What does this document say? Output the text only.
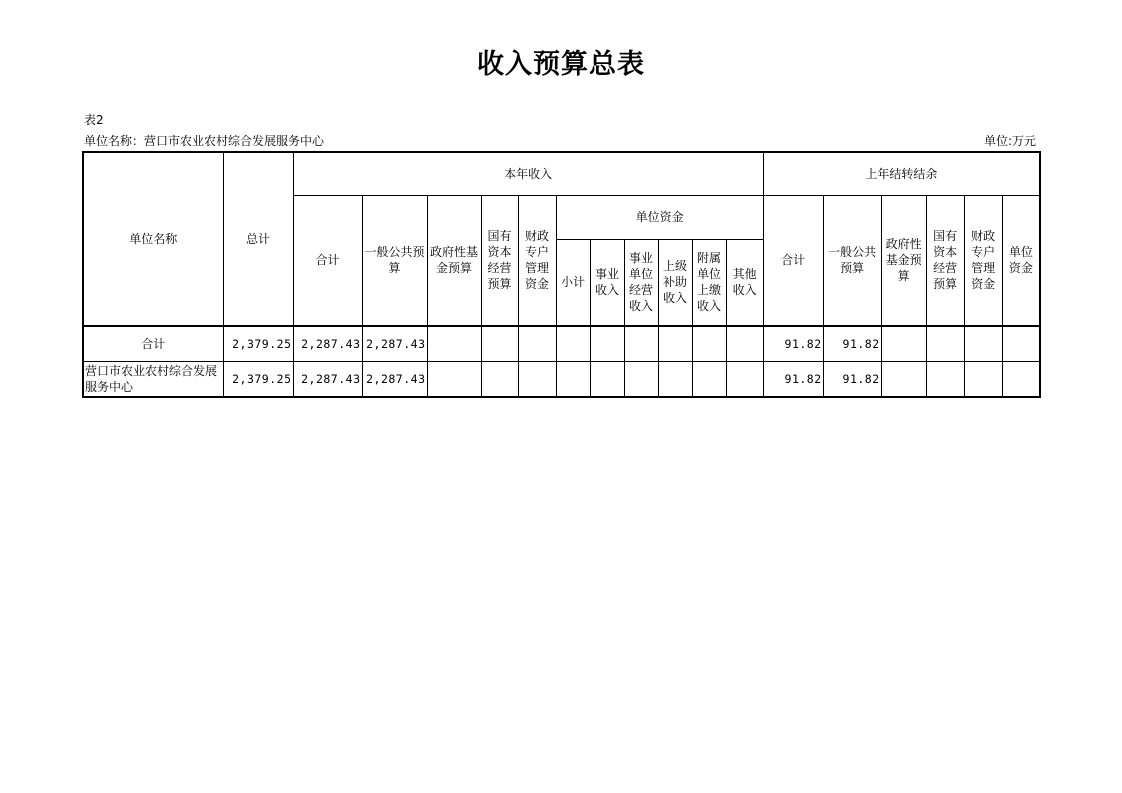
收入预算总表
表2
单位名称：营口市农业农村综合发展服务中心	单位:万元
单位名称	总计	本年收入											上年结转结余					
		合计	一般公共预算	政府性基金预算	国有资本经营预算	财政专户管理资金	单位资金						合计	一般公共预算	政府性基金预算	国有资本经营预算	财政专户管理资金	单位资金
							小计	事业收入	事业单位经营收入	上级补助收入	附属单位上缴收入	其他收入						
合计	2,379.25	2,287.43	2,287.43										91.82	91.82				
营口市农业农村综合发展服务中心	2,379.25	2,287.43	2,287.43										91.82	91.82				
